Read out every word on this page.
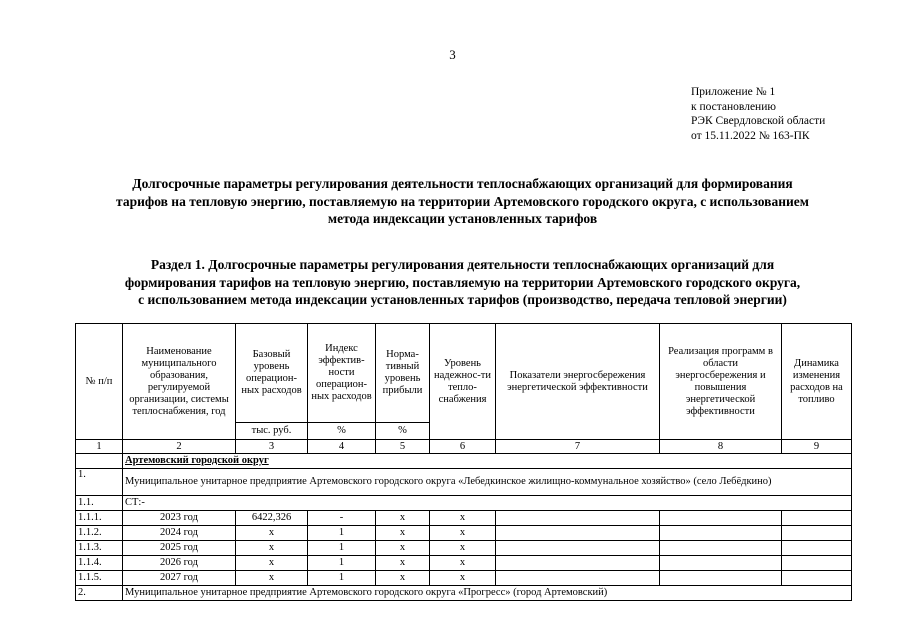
3
Приложение № 1
к постановлению
РЭК Свердловской области
от 15.11.2022 № 163-ПК
Долгосрочные параметры регулирования деятельности теплоснабжающих организаций для формирования
тарифов на тепловую энергию, поставляемую на территории Артемовского городского округа, с использованием
метода индексации установленных тарифов
Раздел 1. Долгосрочные параметры регулирования деятельности теплоснабжающих организаций для
формирования тарифов на тепловую энергию, поставляемую на территории Артемовского городского округа,
с использованием метода индексации установленных тарифов (производство, передача тепловой энергии)
№ п/п	Наименование муниципального образования, регулируемой организации, системы теплоснабжения, год	Базовый уровень операцион-ных расходов	Индекс эффектив-ности операцион-ных расходов	Норма-тивный уровень прибыли	Уровень надежнос-ти тепло-снабжения	Показатели энергосбережения энергетической эффективности	Реализация программ в области энергосбережения и повышения энергетической эффективности	Динамика изменения расходов на топливо
		тыс. руб.	%	%				
1	2	3	4	5	6	7	8	9
	Артемовский городской округ							
1.	Муниципальное унитарное предприятие Артемовского городского округа «Лебедкинское жилищно-коммунальное хозяйство» (село Лебёдкино)							
1.1.	СТ:-							
1.1.1.	2023 год	6422,326	-	х	х			
1.1.2.	2024 год	х	1	х	х			
1.1.3.	2025 год	х	1	х	х			
1.1.4.	2026 год	х	1	х	х			
1.1.5.	2027 год	х	1	х	х			
2.	Муниципальное унитарное предприятие Артемовского городского округа «Прогресс» (город Артемовский)							
